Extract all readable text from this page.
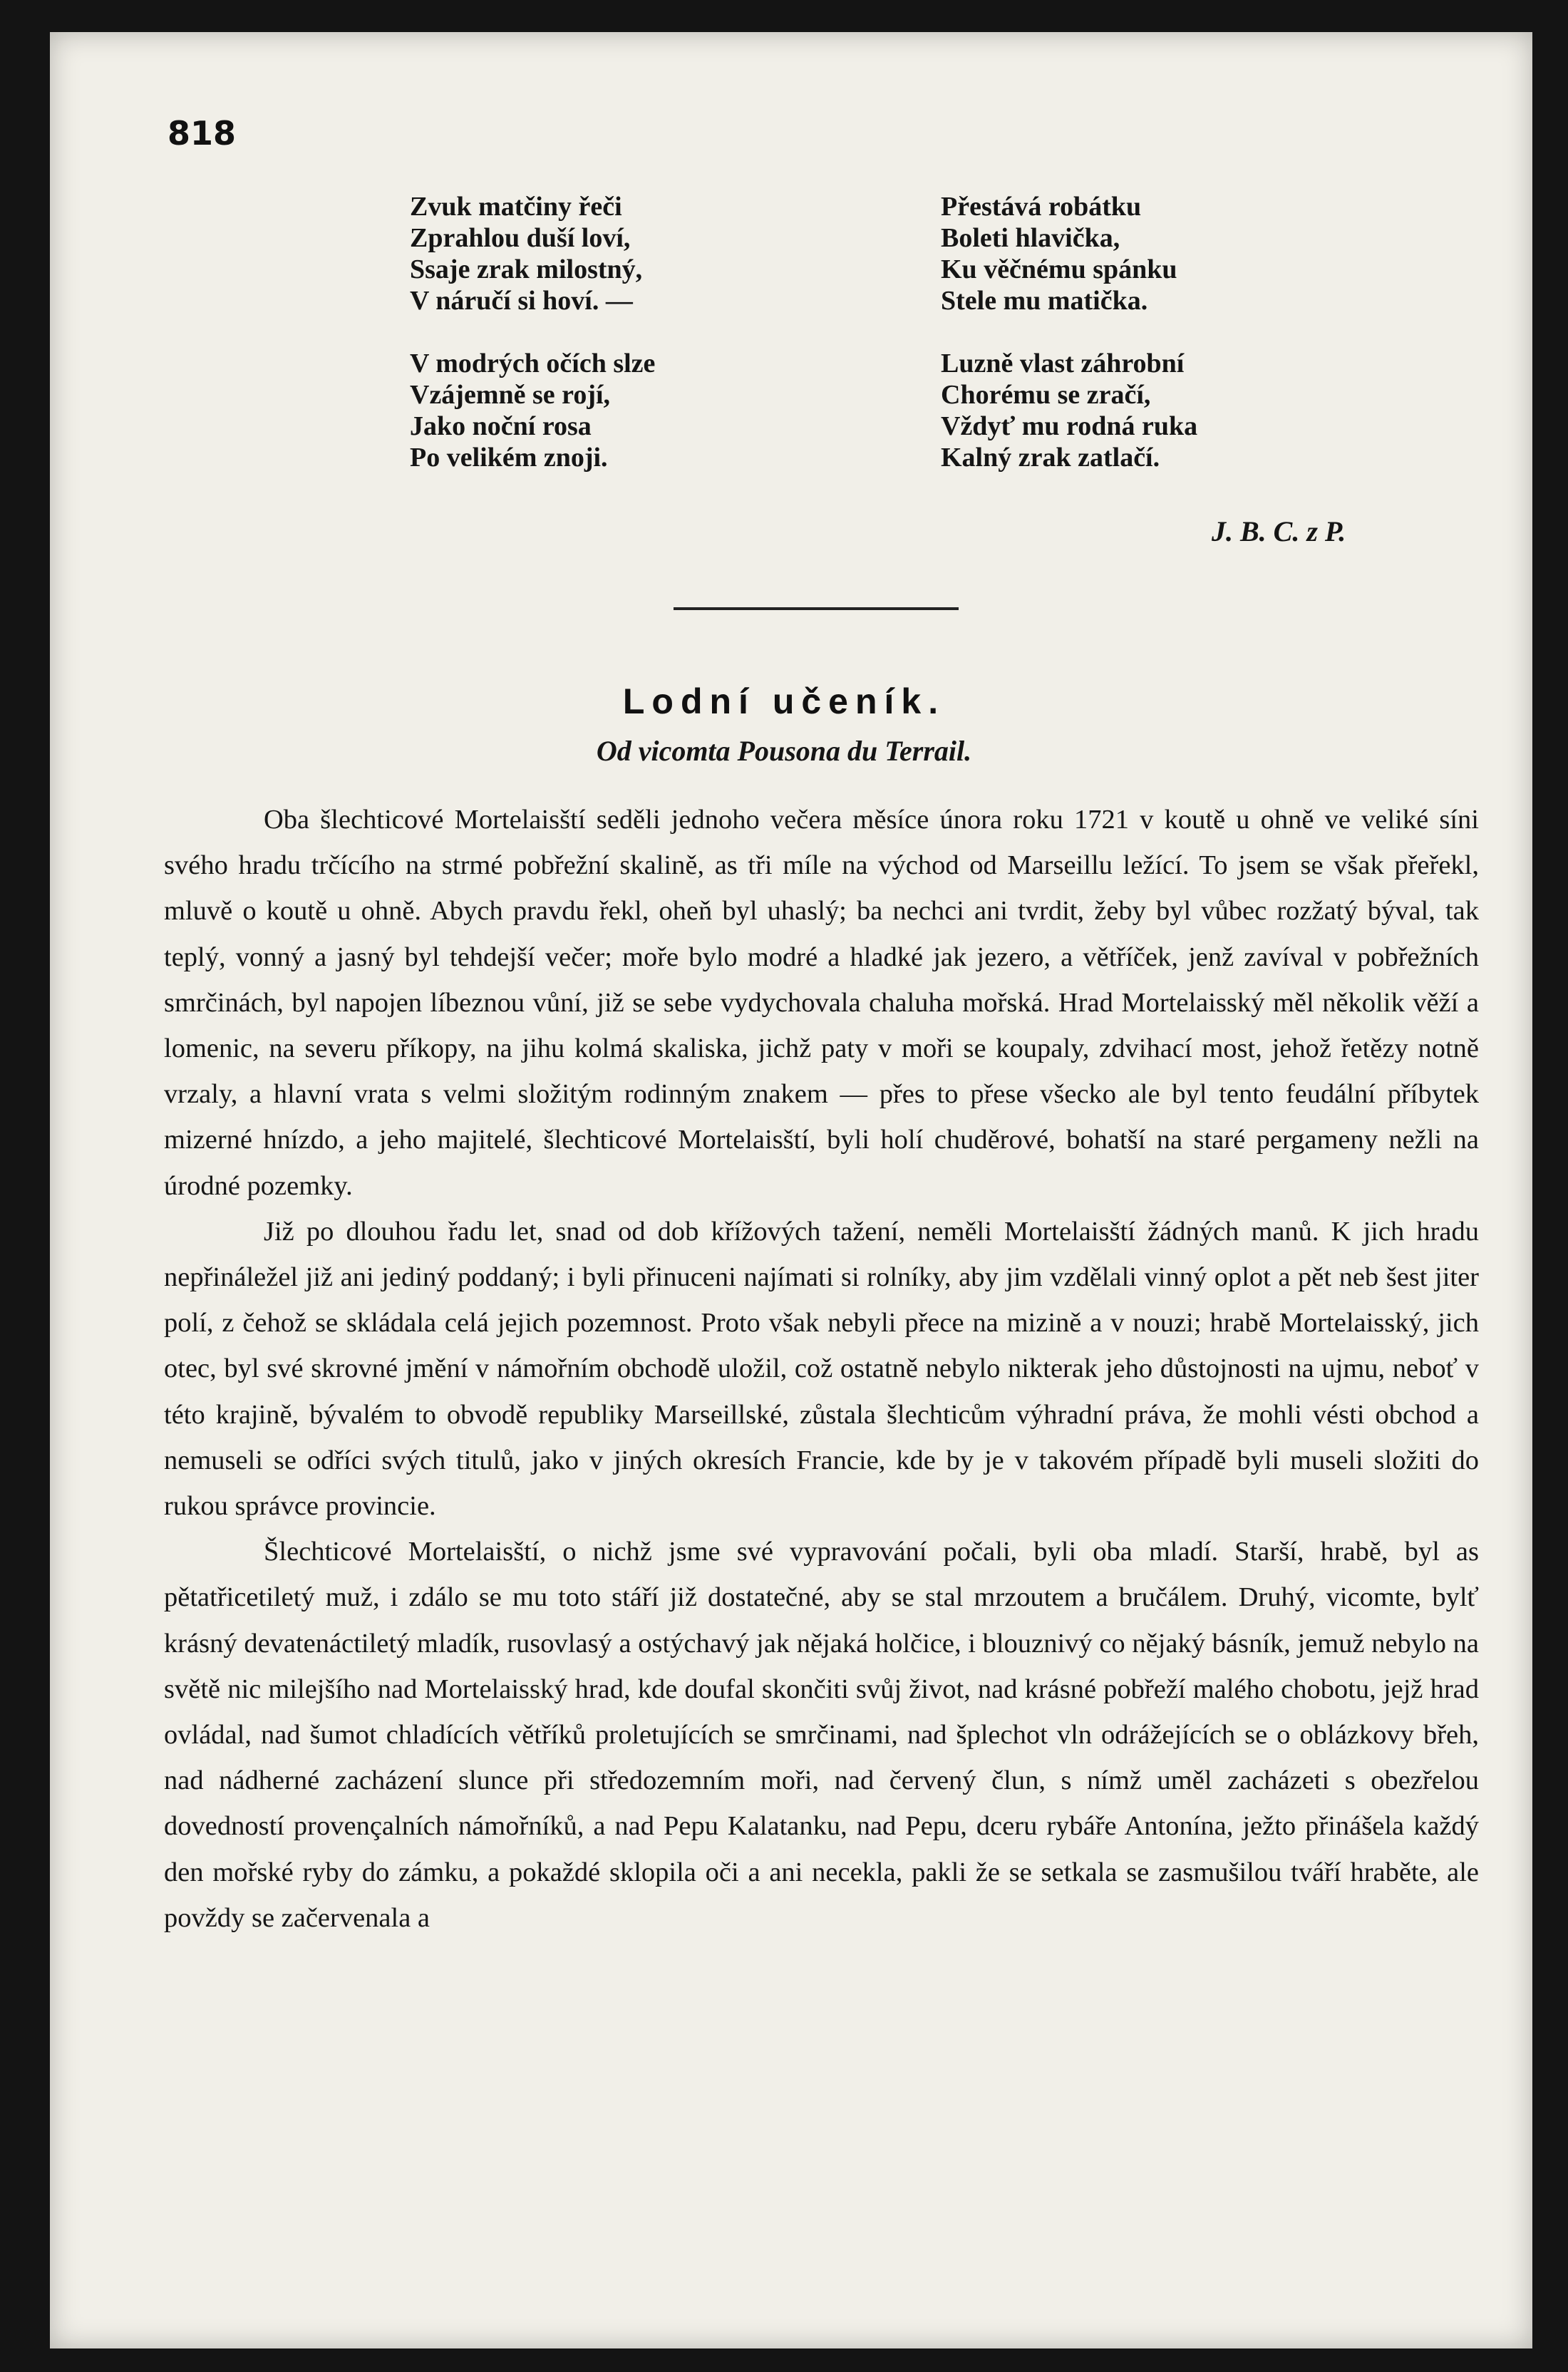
818
Zvuk matčiny řeči
Zprahlou duší loví,
Ssaje zrak milostný,
V náručí si hoví. —
V modrých očích slze
Vzájemně se rojí,
Jako noční rosa
Po velikém znoji.
Přestává robátku
Boleti hlavička,
Ku věčnému spánku
Stele mu matička.
Luzně vlast záhrobní
Chorému se zračí,
Vždyť mu rodná ruka
Kalný zrak zatlačí.
J. B. C. z P.
Lodní učeník.
Od vicomta Pousona du Terrail.

Oba šlechticové Mortelaisští seděli jednoho večera měsíce února roku 1721 v koutě u ohně ve veliké síni svého hradu trčícího na strmé pobřežní skalině, as tři míle na východ od Marseillu ležící. To jsem se však přeřekl, mluvě o koutě u ohně. Abych pravdu řekl, oheň byl uhaslý; ba nechci ani tvrdit, žeby byl vůbec rozžatý býval, tak teplý, vonný a jasný byl tehdejší večer; moře bylo modré a hladké jak jezero, a větříček, jenž zavíval v pobřežních smrčinách, byl napojen líbeznou vůní, již se sebe vydychovala chaluha mořská. Hrad Mortelaisský měl několik věží a lomenic, na severu příkopy, na jihu kolmá skaliska, jichž paty v moři se koupaly, zdvihací most, jehož řetězy notně vrzaly, a hlavní vrata s velmi složitým rodinným znakem — přes to přese všecko ale byl tento feudální příbytek mizerné hnízdo, a jeho majitelé, šlechticové Mortelaisští, byli holí chuděrové, bohatší na staré pergameny nežli na úrodné pozemky.

Již po dlouhou řadu let, snad od dob křížových tažení, neměli Mortelaisští žádných manů. K jich hradu nepřináležel již ani jediný poddaný; i byli přinuceni najímati si rolníky, aby jim vzdělali vinný oplot a pět neb šest jiter polí, z čehož se skládala celá jejich pozemnost. Proto však nebyli přece na mizině a v nouzi; hrabě Mortelaisský, jich otec, byl své skrovné jmění v námořním obchodě uložil, což ostatně nebylo nikterak jeho důstojnosti na ujmu, neboť v této krajině, bývalém to obvodě republiky Marseillské, zůstala šlechticům výhradní práva, že mohli vésti obchod a nemuseli se odříci svých titulů, jako v jiných okresích Francie, kde by je v takovém případě byli museli složiti do rukou správce provincie.

Šlechticové Mortelaisští, o nichž jsme své vypravování počali, byli oba mladí. Starší, hrabě, byl as pětatřicetiletý muž, i zdálo se mu toto stáří již dostatečné, aby se stal mrzoutem a bručálem. Druhý, vicomte, bylť krásný devatenáctiletý mladík, rusovlasý a ostýchavý jak nějaká holčice, i blouznivý co nějaký básník, jemuž nebylo na světě nic milejšího nad Mortelaisský hrad, kde doufal skončiti svůj život, nad krásné pobřeží malého chobotu, jejž hrad ovládal, nad šumot chladících větříků proletujících se smrčinami, nad šplechot vln odrážejících se o oblázkovy břeh, nad nádherné zacházení slunce při středozemním moři, nad červený člun, s nímž uměl zacházeti s obezřelou dovedností provençalních námořníků, a nad Pepu Kalatanku, nad Pepu, dceru rybáře Antonína, ježto přinášela každý den mořské ryby do zámku, a pokaždé sklopila oči a ani necekla, pakli že se setkala se zasmušilou tváří hraběte, ale povždy se začervenala a
